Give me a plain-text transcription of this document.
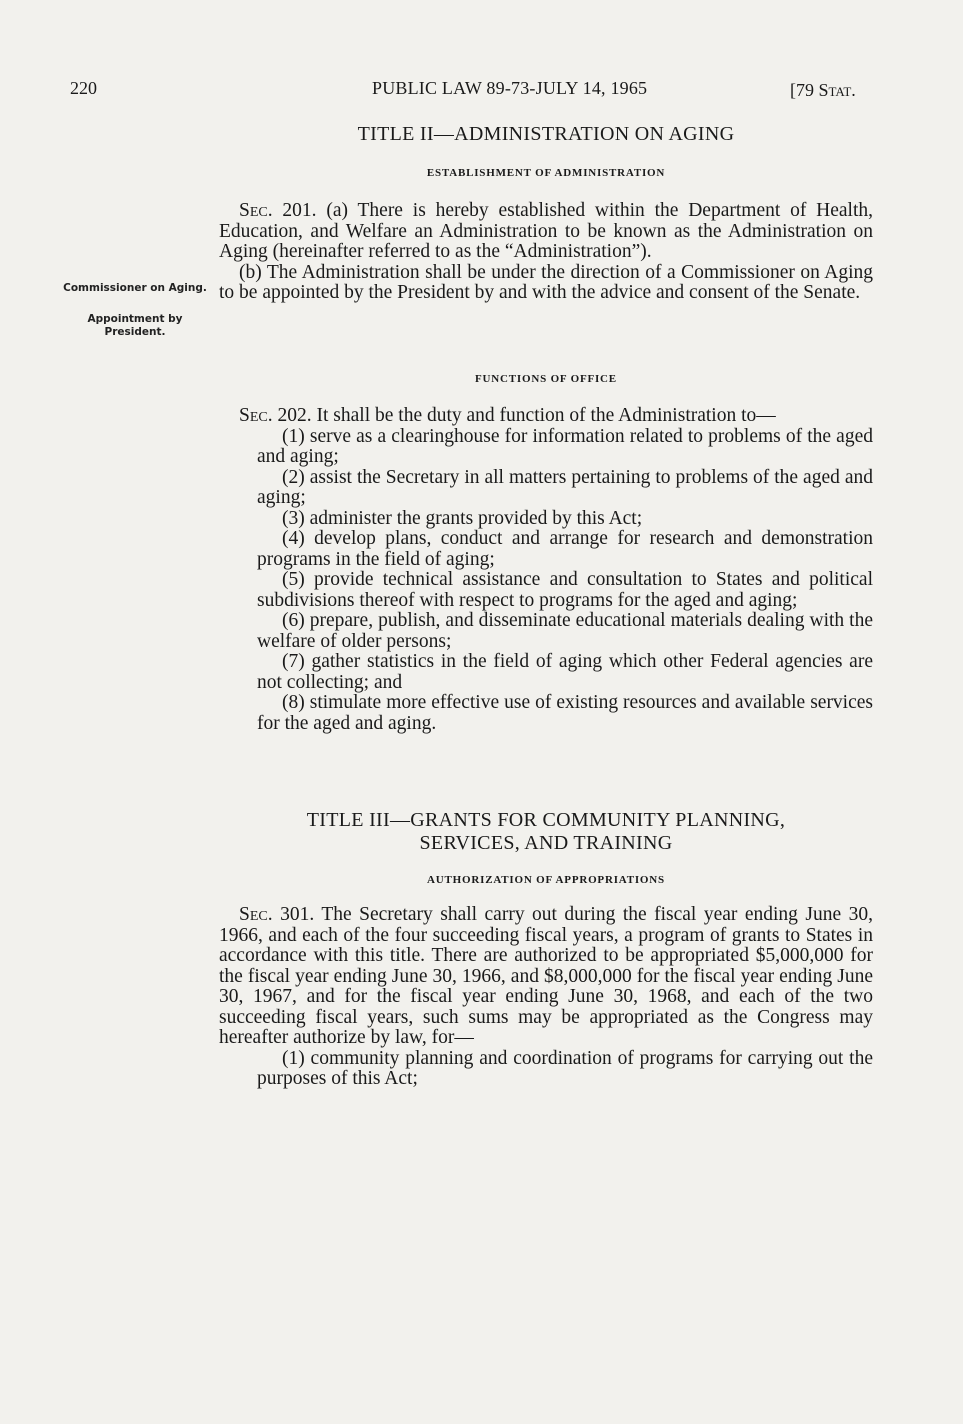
220	PUBLIC LAW 89-73-JULY 14, 1965	[79 Stat.
TITLE II—ADMINISTRATION ON AGING
ESTABLISHMENT OF ADMINISTRATION

Sec. 201. (a) There is hereby established within the Department of Health, Education, and Welfare an Administration to be known as the Administration on Aging (hereinafter referred to as the “Administration”).

(b) The Administration shall be under the direction of a Commissioner on Aging to be appointed by the President by and with the advice and consent of the Senate.

Commissioner on Aging.
Appointment by President.
FUNCTIONS OF OFFICE

Sec. 202. It shall be the duty and function of the Administration to—

(1) serve as a clearinghouse for information related to problems of the aged and aging;

(2) assist the Secretary in all matters pertaining to problems of the aged and aging;

(3) administer the grants provided by this Act;

(4) develop plans, conduct and arrange for research and demonstration programs in the field of aging;

(5) provide technical assistance and consultation to States and political subdivisions thereof with respect to programs for the aged and aging;

(6) prepare, publish, and disseminate educational materials dealing with the welfare of older persons;

(7) gather statistics in the field of aging which other Federal agencies are not collecting; and

(8) stimulate more effective use of existing resources and available services for the aged and aging.

TITLE III—GRANTS FOR COMMUNITY PLANNING,
SERVICES, AND TRAINING
AUTHORIZATION OF APPROPRIATIONS

Sec. 301. The Secretary shall carry out during the fiscal year ending June 30, 1966, and each of the four succeeding fiscal years, a program of grants to States in accordance with this title. There are authorized to be appropriated $5,000,000 for the fiscal year ending June 30, 1966, and $8,000,000 for the fiscal year ending June 30, 1967, and for the fiscal year ending June 30, 1968, and each of the two succeeding fiscal years, such sums may be appropriated as the Congress may hereafter authorize by law, for—

(1) community planning and coordination of programs for carrying out the purposes of this Act;
